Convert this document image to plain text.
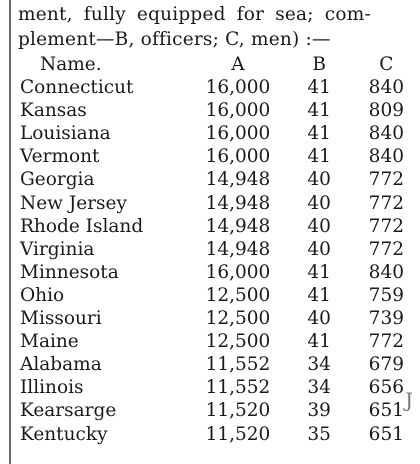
ment, fully equipped for sea; com-
plement—B, officers; C, men) :—
Name.	A	B	C
Connecticut	16,000	41	840
Kansas	16,000	41	809
Louisiana	16,000	41	840
Vermont	16,000	41	840
Georgia	14,948	40	772
New Jersey	14,948	40	772
Rhode Island	14,948	40	772
Virginia	14,948	40	772
Minnesota	16,000	41	840
Ohio	12,500	41	759
Missouri	12,500	40	739
Maine	12,500	41	772
Alabama	11,552	34	679
Illinois	11,552	34	656
Kearsarge	11,520	39	651
Kentucky	11,520	35	651
J
